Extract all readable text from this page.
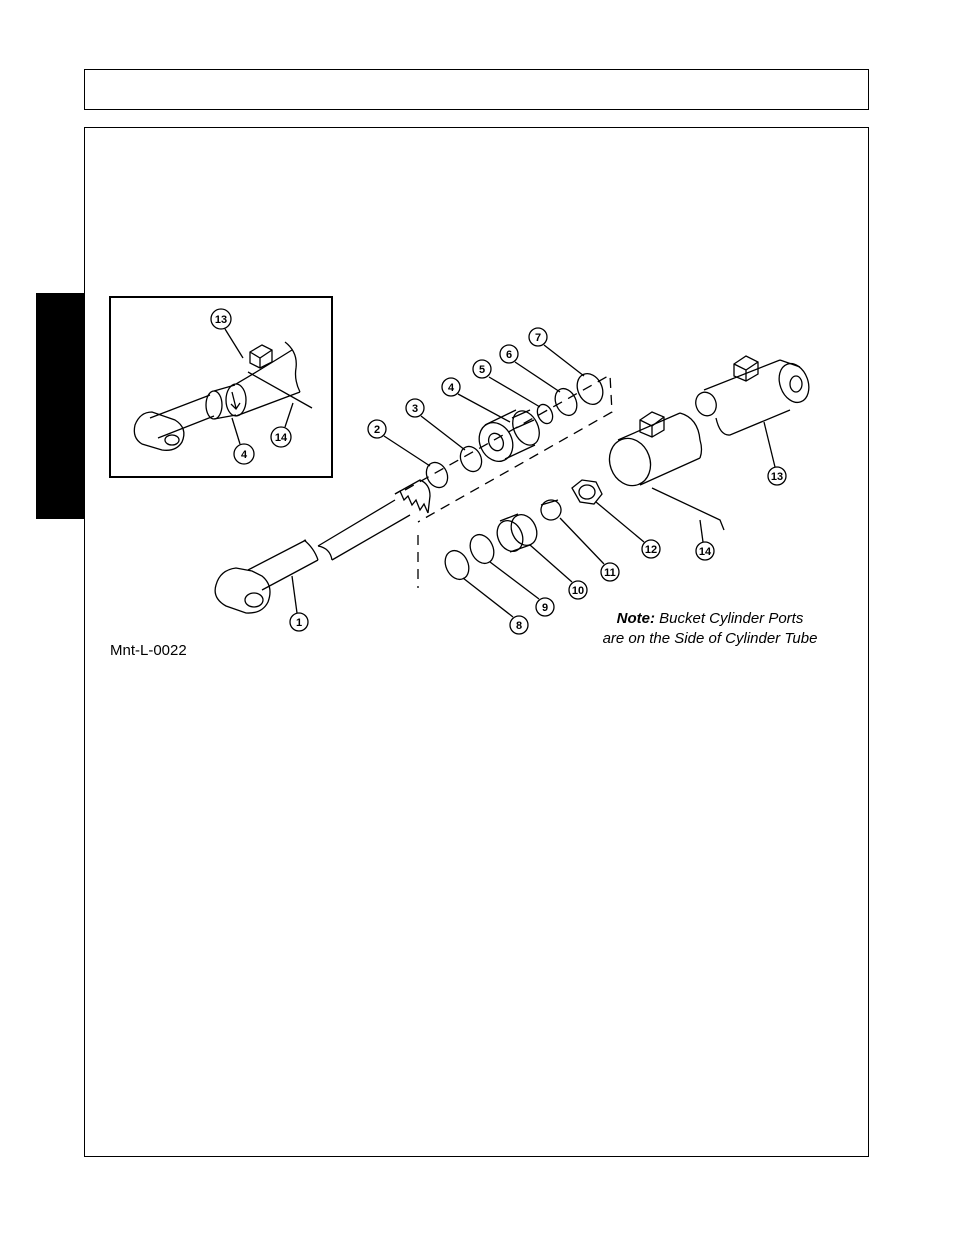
13
14
4
1
2
3
4
5
6
7
8
9
10
11
12
13
14
Mnt-L-0022
Note: Bucket Cylinder Ports
are on the Side of Cylinder Tube
